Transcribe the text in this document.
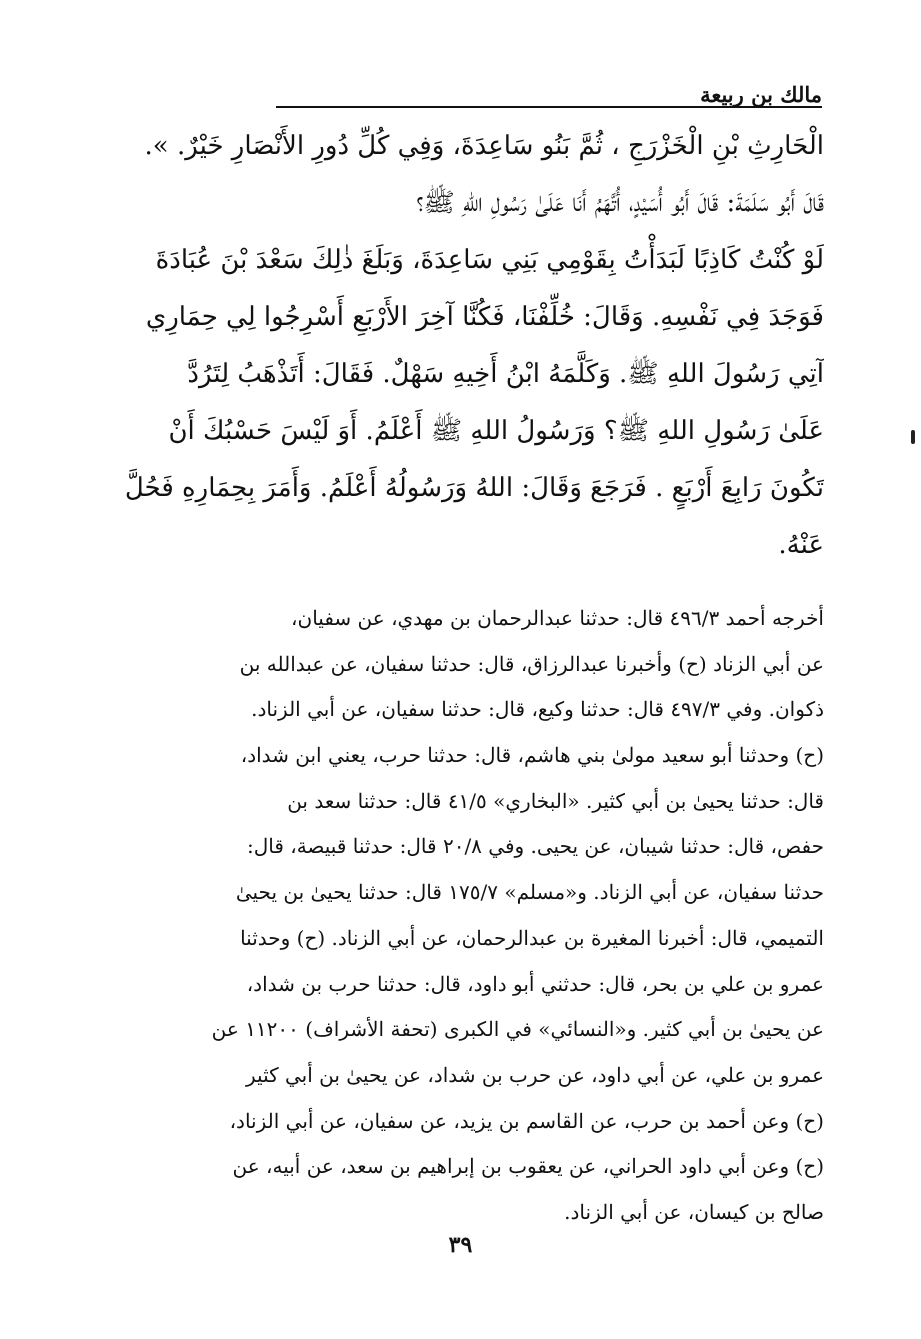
مالك بن ربيعة
الْحَارِثِ بْنِ الْخَزْرَجِ ، ثُمَّ بَنُو سَاعِدَةَ، وَفِي كُلِّ دُورِ الأَنْصَارِ خَيْرٌ. ».
قَالَ أَبُو سَلَمَةَ: قَالَ أَبُو أُسَيْدٍ، أُتَّهَمُ أَنَا عَلَىٰ رَسُولِ اللهِ ﷺ؟
لَوْ كُنْتُ كَاذِبًا لَبَدَأْتُ بِقَوْمِي بَنِي سَاعِدَةَ، وَبَلَغَ ذٰلِكَ سَعْدَ بْنَ عُبَادَةَ
فَوَجَدَ فِي نَفْسِهِ. وَقَالَ: خُلِّفْنَا، فَكُنَّا آخِرَ الأَرْبَعِ أَسْرِجُوا لِي حِمَارِي
آتِي رَسُولَ اللهِ ﷺ. وَكَلَّمَهُ ابْنُ أَخِيهِ سَهْلٌ. فَقَالَ: أَتَذْهَبُ لِتَرُدَّ
عَلَىٰ رَسُولِ اللهِ ﷺ؟ وَرَسُولُ اللهِ ﷺ أَعْلَمُ. أَوَ لَيْسَ حَسْبُكَ أَنْ
تَكُونَ رَابِعَ أَرْبَعٍ . فَرَجَعَ وَقَالَ: اللهُ وَرَسُولُهُ أَعْلَمُ. وَأَمَرَ بِحِمَارِهِ فَحُلَّ
عَنْهُ.
أخرجه أحمد ٤٩٦/٣ قال: حدثنا عبدالرحمان بن مهدي، عن سفيان،
عن أبي الزناد (ح) وأخبرنا عبدالرزاق، قال: حدثنا سفيان، عن عبدالله بن
ذكوان. وفي ٤٩٧/٣ قال: حدثنا وكيع، قال: حدثنا سفيان، عن أبي الزناد.
(ح) وحدثنا أبو سعيد مولىٰ بني هاشم، قال: حدثنا حرب، يعني ابن شداد،
قال: حدثنا يحيىٰ بن أبي كثير. «البخاري» ٤١/٥ قال: حدثنا سعد بن
حفص، قال: حدثنا شيبان، عن يحيى. وفي ٢٠/٨ قال: حدثنا قبيصة، قال:
حدثنا سفيان، عن أبي الزناد. و«مسلم» ١٧٥/٧ قال: حدثنا يحيىٰ بن يحيىٰ
التميمي، قال: أخبرنا المغيرة بن عبدالرحمان، عن أبي الزناد. (ح) وحدثنا
عمرو بن علي بن بحر، قال: حدثني أبو داود، قال: حدثنا حرب بن شداد،
عن يحيىٰ بن أبي كثير. و«النسائي» في الكبرى (تحفة الأشراف) ١١٢٠٠ عن
عمرو بن علي، عن أبي داود، عن حرب بن شداد، عن يحيىٰ بن أبي كثير
(ح) وعن أحمد بن حرب، عن القاسم بن يزيد، عن سفيان، عن أبي الزناد،
(ح) وعن أبي داود الحراني، عن يعقوب بن إبراهيم بن سعد، عن أبيه، عن
صالح بن كيسان، عن أبي الزناد.
٣٩
